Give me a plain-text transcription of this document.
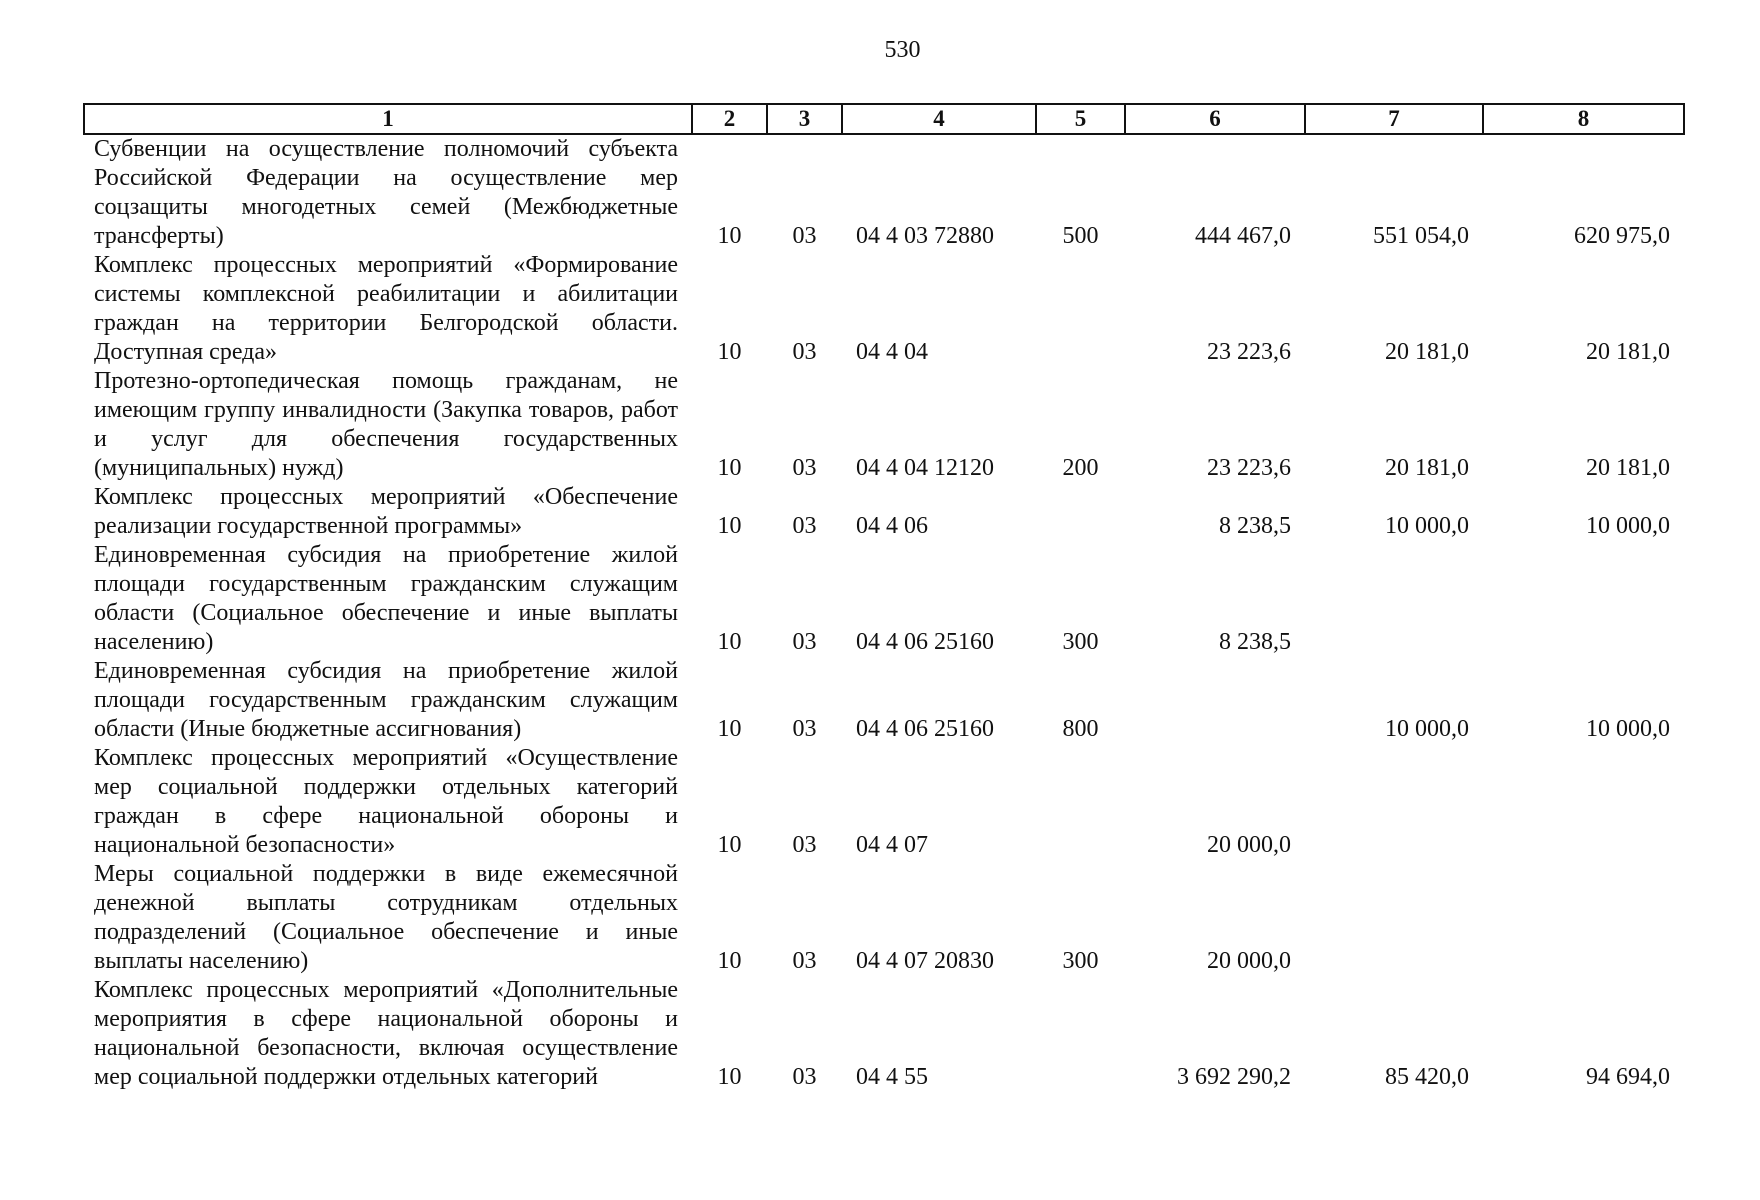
530
1	2	3	4	5	6	7	8
Субвенции на осуществление полномочий субъекта Российской Федерации на осуществление мер соцзащиты многодетных семей (Межбюджетные трансферты)	10	03	04 4 03 72880	500	444 467,0	551 054,0	620 975,0
Комплекс процессных мероприятий «Формирование системы комплексной реабилитации и абилитации граждан на территории Белгородской области. Доступная среда»	10	03	04 4 04		23 223,6	20 181,0	20 181,0
Протезно-ортопедическая помощь гражданам, не имеющим группу инвалидности (Закупка товаров, работ и услуг для обеспечения государственных (муниципальных) нужд)	10	03	04 4 04 12120	200	23 223,6	20 181,0	20 181,0
Комплекс процессных мероприятий «Обеспечение реализации государственной программы»	10	03	04 4 06		8 238,5	10 000,0	10 000,0
Единовременная субсидия на приобретение жилой площади государственным гражданским служащим области (Социальное обеспечение и иные выплаты населению)	10	03	04 4 06 25160	300	8 238,5		
Единовременная субсидия на приобретение жилой площади государственным гражданским служащим области (Иные бюджетные ассигнования)	10	03	04 4 06 25160	800		10 000,0	10 000,0
Комплекс процессных мероприятий «Осуществление мер социальной поддержки отдельных категорий граждан в сфере национальной обороны и национальной безопасности»	10	03	04 4 07		20 000,0		
Меры социальной поддержки в виде ежемесячной денежной выплаты сотрудникам отдельных подразделений (Социальное обеспечение и иные выплаты населению)	10	03	04 4 07 20830	300	20 000,0		
Комплекс процессных мероприятий «Дополнительные мероприятия в сфере национальной обороны и национальной безопасности, включая осуществление мер социальной поддержки отдельных категорий	10	03	04 4 55		3 692 290,2	85 420,0	94 694,0
